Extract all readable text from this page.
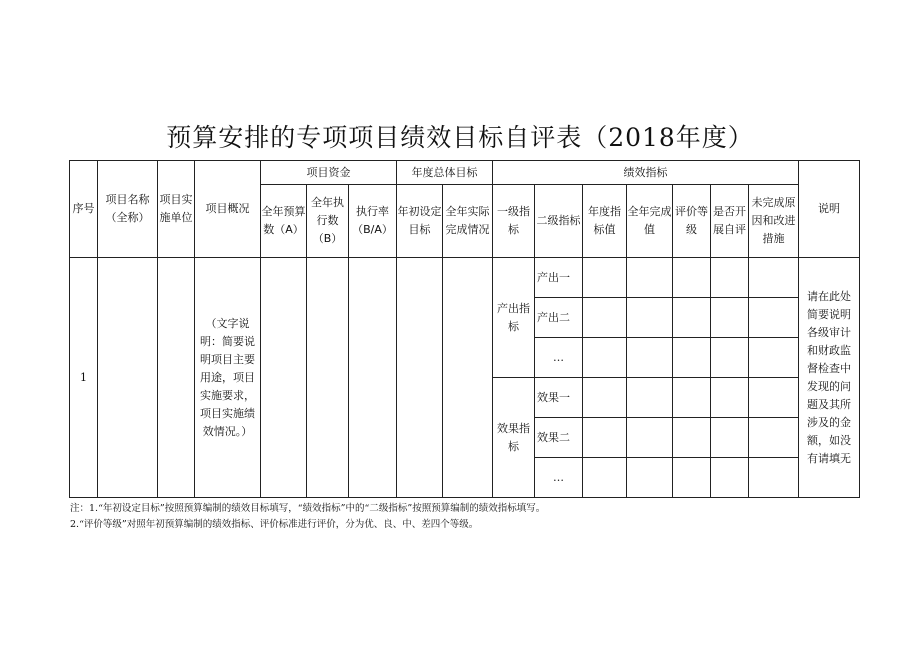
预算安排的专项项目绩效目标自评表（2018年度）
序号	项目名称（全称）	项目实施单位	项目概况	项目资金			年度总体目标		绩效指标							说明
				全年预算数（A）	全年执行数（B）	执行率（B/A）	年初设定目标	全年实际完成情况	一级指标	二级指标	年度指标值	全年完成值	评价等级	是否开展自评	未完成原因和改进措施	
1			（文字说明：简要说明项目主要用途，项目实施要求，项目实施绩效情况。）						产出指标	产出一						请在此处简要说明各级审计和财政监督检查中发现的问题及其所涉及的金额，如没有请填无
										产出二						
										…						
									效果指标	效果一						
										效果二						
										…						
注：1.“年初设定目标”按照预算编制的绩效目标填写，“绩效指标”中的“二级指标”按照预算编制的绩效指标填写。
2.“评价等级”对照年初预算编制的绩效指标、评价标准进行评价，分为优、良、中、差四个等级。
